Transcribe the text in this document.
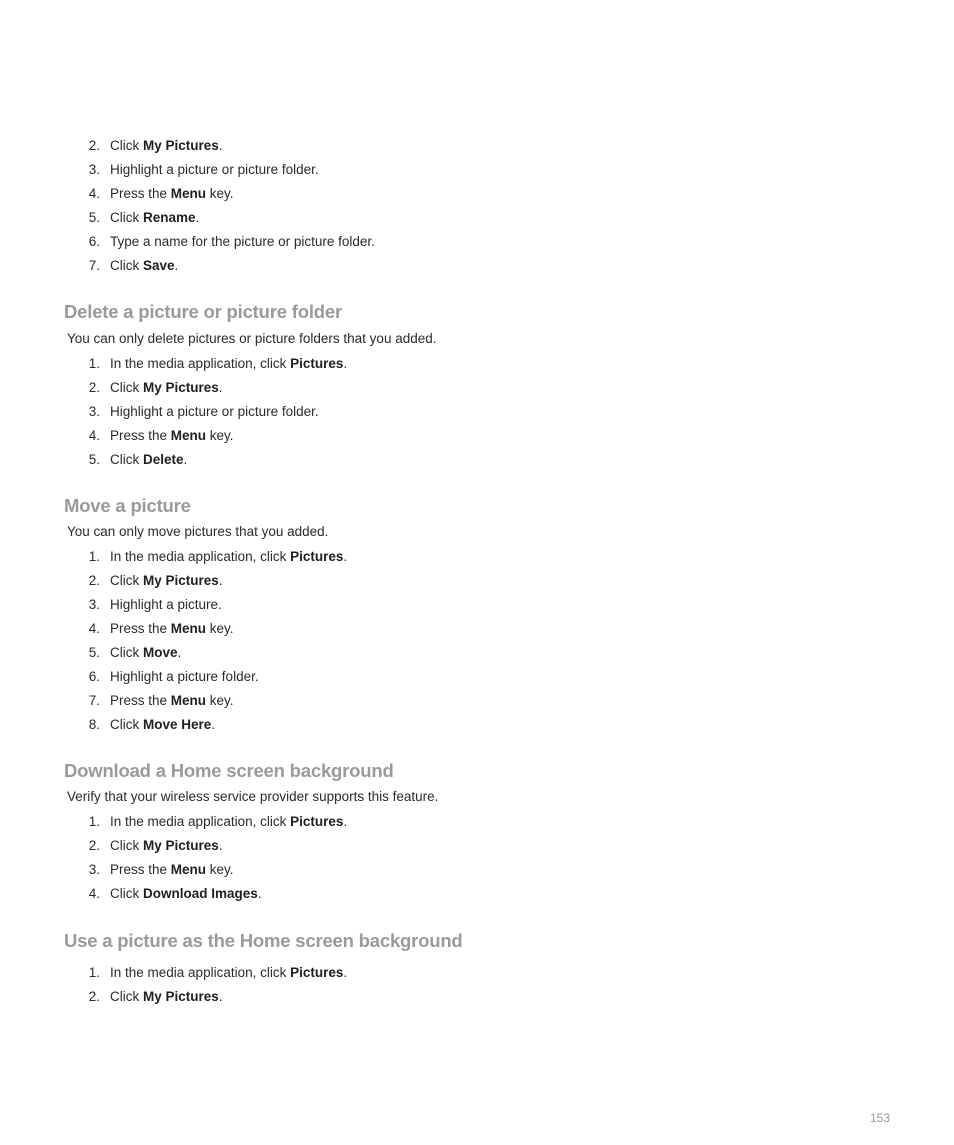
2. Click My Pictures.
3. Highlight a picture or picture folder.
4. Press the Menu key.
5. Click Rename.
6. Type a name for the picture or picture folder.
7. Click Save.
Delete a picture or picture folder

You can only delete pictures or picture folders that you added.

1. In the media application, click Pictures.
2. Click My Pictures.
3. Highlight a picture or picture folder.
4. Press the Menu key.
5. Click Delete.
Move a picture

You can only move pictures that you added.

1. In the media application, click Pictures.
2. Click My Pictures.
3. Highlight a picture.
4. Press the Menu key.
5. Click Move.
6. Highlight a picture folder.
7. Press the Menu key.
8. Click Move Here.
Download a Home screen background

Verify that your wireless service provider supports this feature.

1. In the media application, click Pictures.
2. Click My Pictures.
3. Press the Menu key.
4. Click Download Images.
Use a picture as the Home screen background
1. In the media application, click Pictures.
2. Click My Pictures.
153
